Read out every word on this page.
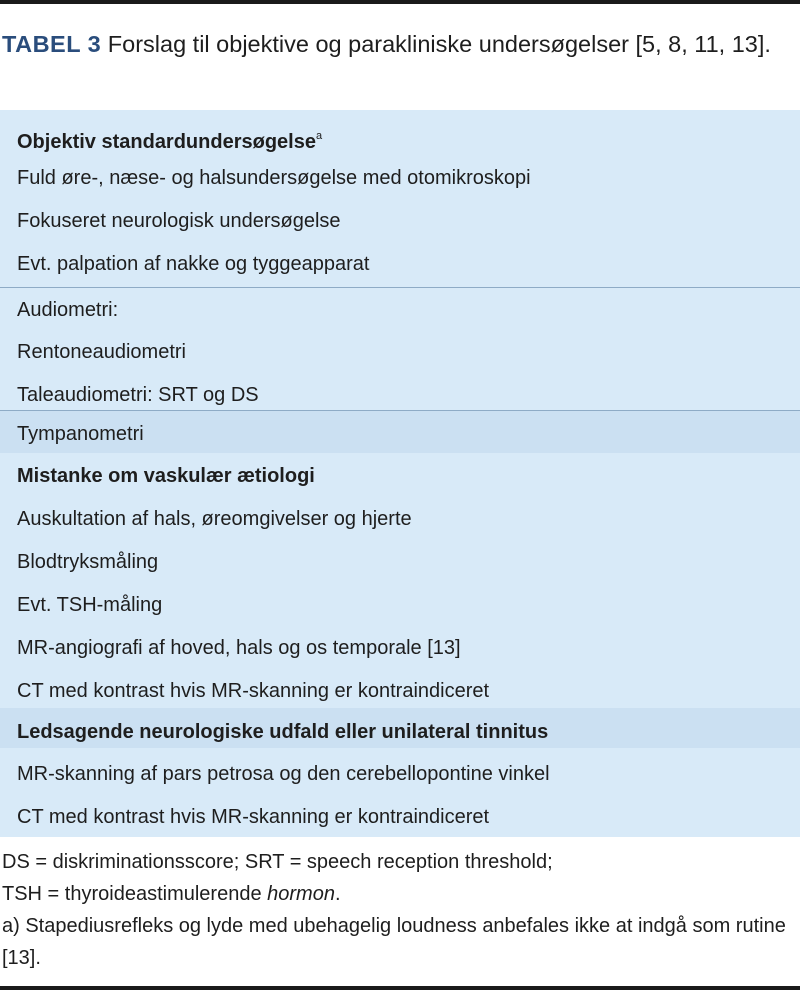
TABEL 3 Forslag til objektive og parakliniske undersøgelser [5, 8, 11, 13].
Objektiv standardundersøgelse$^a$
Fuld øre-, næse- og halsundersøgelse med otomikroskopi
Fokuseret neurologisk undersøgelse
Evt. palpation af nakke og tyggeapparat
Audiometri:
Rentoneaudiometri
Taleaudiometri: SRT og DS
Tympanometri
Mistanke om vaskulær ætiologi
Auskultation af hals, øreomgivelser og hjerte
Blodtryksmåling
Evt. TSH-måling
MR-angiografi af hoved, hals og os temporale [13]
CT med kontrast hvis MR-skanning er kontraindiceret
Ledsagende neurologiske udfald eller unilateral tinnitus
MR-skanning af pars petrosa og den cerebellopontine vinkel
CT med kontrast hvis MR-skanning er kontraindiceret

DS = diskriminationsscore; SRT = speech reception threshold;

TSH = thyroideastimulerende hormon.

a) Stapediusrefleks og lyde med ubehagelig loudness anbefales ikke at indgå som rutine [13].
